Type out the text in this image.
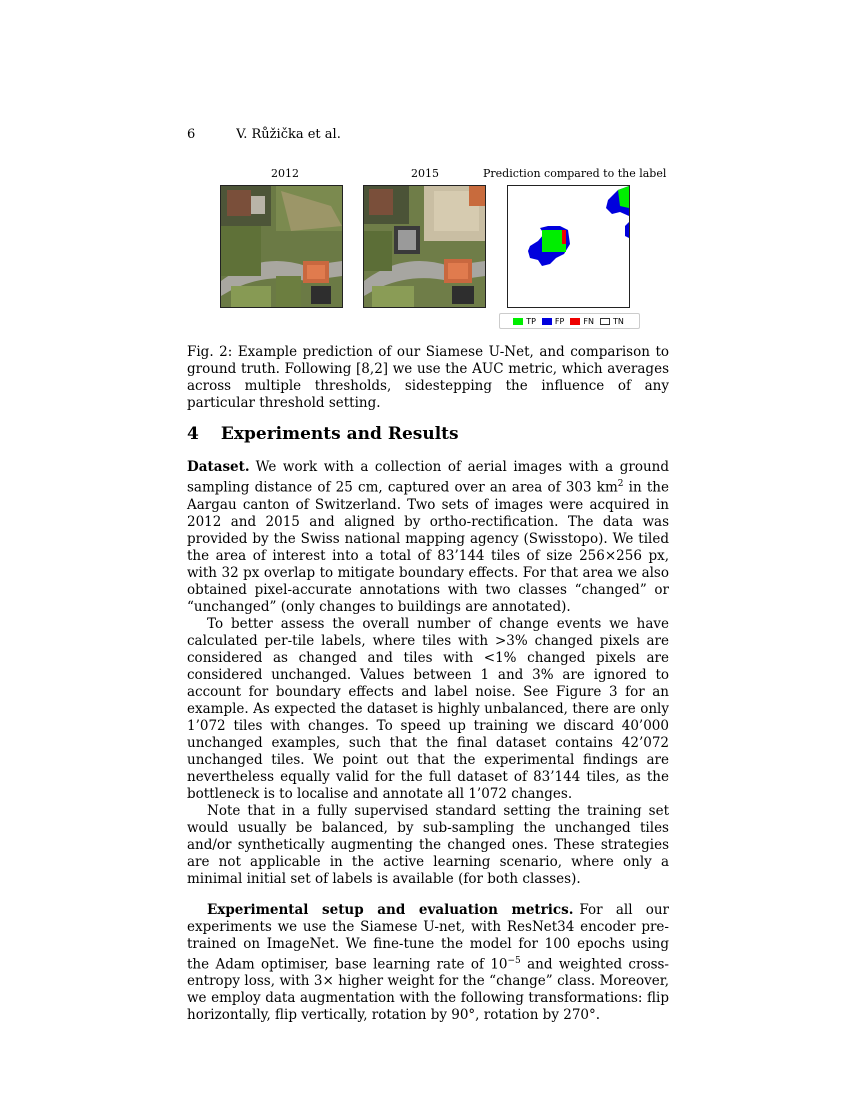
6	V. Růžička et al.
2012	2015	Prediction compared to the label
TP FP FN TN
Fig. 2: Example prediction of our Siamese U-Net, and comparison to ground truth. Following [8,2] we use the AUC metric, which averages across multiple thresholds, sidestepping the influence of any particular threshold setting.
4 Experiments and Results

Dataset. We work with a collection of aerial images with a ground sampling distance of 25 cm, captured over an area of 303 $km^2$ in the Aargau canton of Switzerland. Two sets of images were acquired in 2012 and 2015 and aligned by ortho-rectification. The data was provided by the Swiss national mapping agency (Swisstopo). We tiled the area of interest into a total of 83’144 tiles of size 256×256 px, with 32 px overlap to mitigate boundary effects. For that area we also obtained pixel-accurate annotations with two classes “changed” or “unchanged” (only changes to buildings are annotated).

To better assess the overall number of change events we have calculated per-tile labels, where tiles with >3% changed pixels are considered as changed and tiles with <1% changed pixels are considered unchanged. Values between 1 and 3% are ignored to account for boundary effects and label noise. See Figure 3 for an example. As expected the dataset is highly unbalanced, there are only 1’072 tiles with changes. To speed up training we discard 40’000 unchanged examples, such that the final dataset contains 42’072 unchanged tiles. We point out that the experimental findings are nevertheless equally valid for the full dataset of 83’144 tiles, as the bottleneck is to localise and annotate all 1’072 changes.

Note that in a fully supervised standard setting the training set would usually be balanced, by sub-sampling the unchanged tiles and/or synthetically augmenting the changed ones. These strategies are not applicable in the active learning scenario, where only a minimal initial set of labels is available (for both classes).

Experimental setup and evaluation metrics. For all our experiments we use the Siamese U-net, with ResNet34 encoder pre-trained on ImageNet. We fine-tune the model for 100 epochs using the Adam optimiser, base learning rate of $10^{-5}$ and weighted cross-entropy loss, with 3× higher weight for the “change” class. Moreover, we employ data augmentation with the following transformations: flip horizontally, flip vertically, rotation by 90°, rotation by 270°.
